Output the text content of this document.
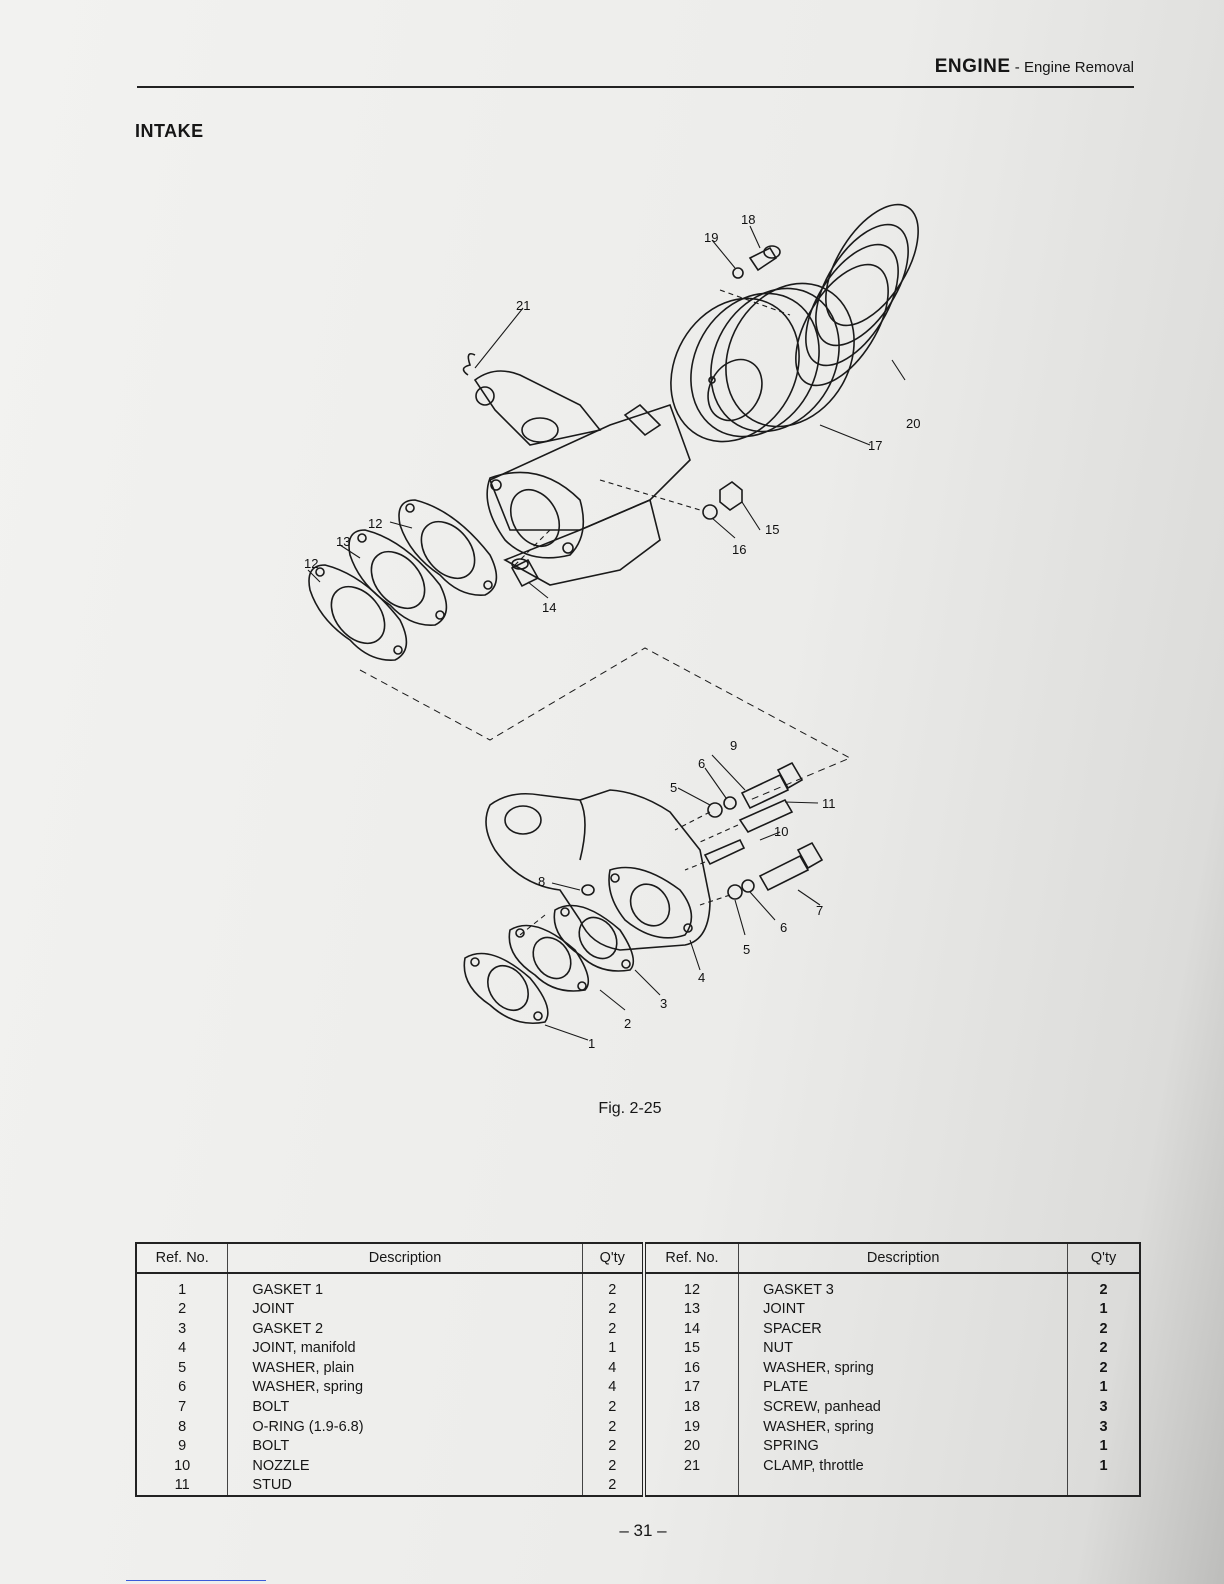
ENGINE - Engine Removal
INTAKE
1
2
3
4
5
6
7
8
9
10
11
12
13
14
15
16
17
18
19
20
21
12
5
6
Fig. 2-25
Ref. No.	Description	Q'ty	Ref. No.	Description	Q'ty
1	GASKET 1	2	12	GASKET 3	2
2	JOINT	2	13	JOINT	1
3	GASKET 2	2	14	SPACER	2
4	JOINT, manifold	1	15	NUT	2
5	WASHER, plain	4	16	WASHER, spring	2
6	WASHER, spring	4	17	PLATE	1
7	BOLT	2	18	SCREW, panhead	3
8	O-RING (1.9-6.8)	2	19	WASHER, spring	3
9	BOLT	2	20	SPRING	1
10	NOZZLE	2	21	CLAMP, throttle	1
11	STUD	2			
– 31 –
